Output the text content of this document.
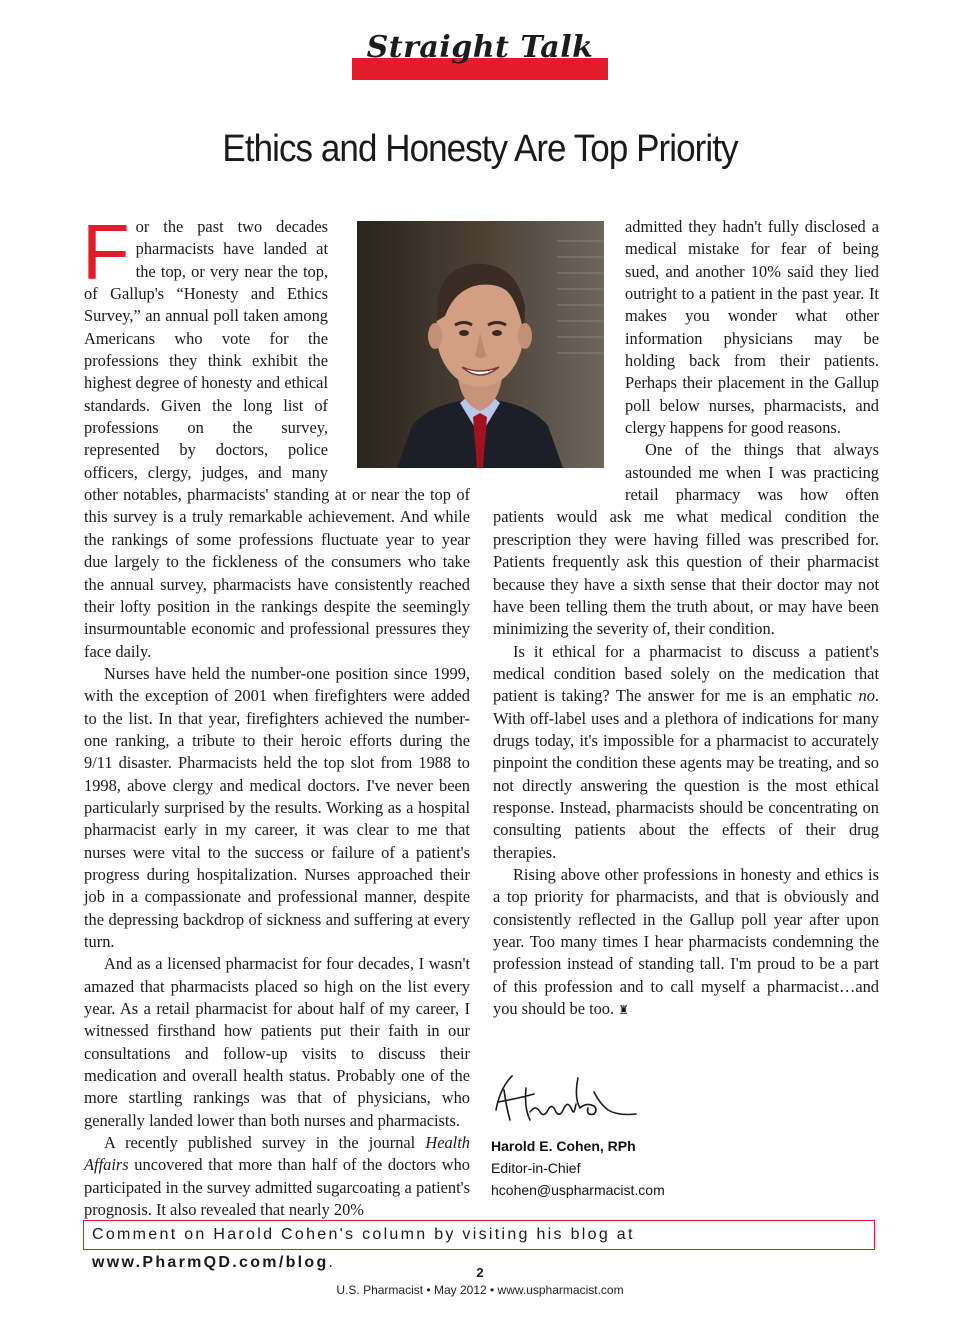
Straight Talk
Ethics and Honesty Are Top Priority

For the past two decades pharmacists have landed at the top, or very near the top, of Gallup's “Honesty and Ethics Survey,” an annual poll taken among Americans who vote for the professions they think exhibit the highest degree of honesty and ethical standards. Given the long list of professions on the survey, represented by doctors, police officers, clergy, judges, and many other notables, pharmacists' standing at or near the top of this survey is a truly remarkable achievement. And while the rankings of some professions fluctuate year to year due largely to the fickleness of the consumers who take the annual survey, pharmacists have consistently reached their lofty position in the rankings despite the seemingly insurmountable economic and professional pressures they face daily.

Nurses have held the number-one position since 1999, with the exception of 2001 when firefighters were added to the list. In that year, firefighters achieved the number-one ranking, a tribute to their heroic efforts during the 9/11 disaster. Pharmacists held the top slot from 1988 to 1998, above clergy and medical doctors. I've never been particularly surprised by the results. Working as a hospital pharmacist early in my career, it was clear to me that nurses were vital to the success or failure of a patient's progress during hospitalization. Nurses approached their job in a compassionate and professional manner, despite the depressing backdrop of sickness and suffering at every turn.

And as a licensed pharmacist for four decades, I wasn't amazed that pharmacists placed so high on the list every year. As a retail pharmacist for about half of my career, I witnessed firsthand how patients put their faith in our consultations and follow-up visits to discuss their medication and overall health status. Probably one of the more startling rankings was that of physicians, who generally landed lower than both nurses and pharmacists.

A recently published survey in the journal Health Affairs uncovered that more than half of the doctors who participated in the survey admitted sugarcoating a patient's prognosis. It also revealed that nearly 20%

admitted they hadn't fully disclosed a medical mistake for fear of being sued, and another 10% said they lied outright to a patient in the past year. It makes you wonder what other information physicians may be holding back from their patients. Perhaps their placement in the Gallup poll below nurses, pharmacists, and clergy happens for good reasons.

One of the things that always astounded me when I was practicing retail pharmacy was how often patients would ask me what medical condition the prescription they were having filled was prescribed for. Patients frequently ask this question of their pharmacist because they have a sixth sense that their doctor may not have been telling them the truth about, or may have been minimizing the severity of, their condition.

Is it ethical for a pharmacist to discuss a patient's medical condition based solely on the medication that patient is taking? The answer for me is an emphatic no. With off-label uses and a plethora of indications for many drugs today, it's impossible for a pharmacist to accurately pinpoint the condition these agents may be treating, and so not directly answering the question is the most ethical response. Instead, pharmacists should be concentrating on consulting patients about the effects of their drug therapies.

Rising above other professions in honesty and ethics is a top priority for pharmacists, and that is obviously and consistently reflected in the Gallup poll year after upon year. Too many times I hear pharmacists condemning the profession instead of standing tall. I'm proud to be a part of this profession and to call myself a pharmacist…and you should be too. ♜

Harold E. Cohen, RPh
Editor-in-Chief
hcohen@uspharmacist.com
Comment on Harold Cohen's column by visiting his blog at www.PharmQD.com/blog.
2
U.S. Pharmacist • May 2012 • www.uspharmacist.com
